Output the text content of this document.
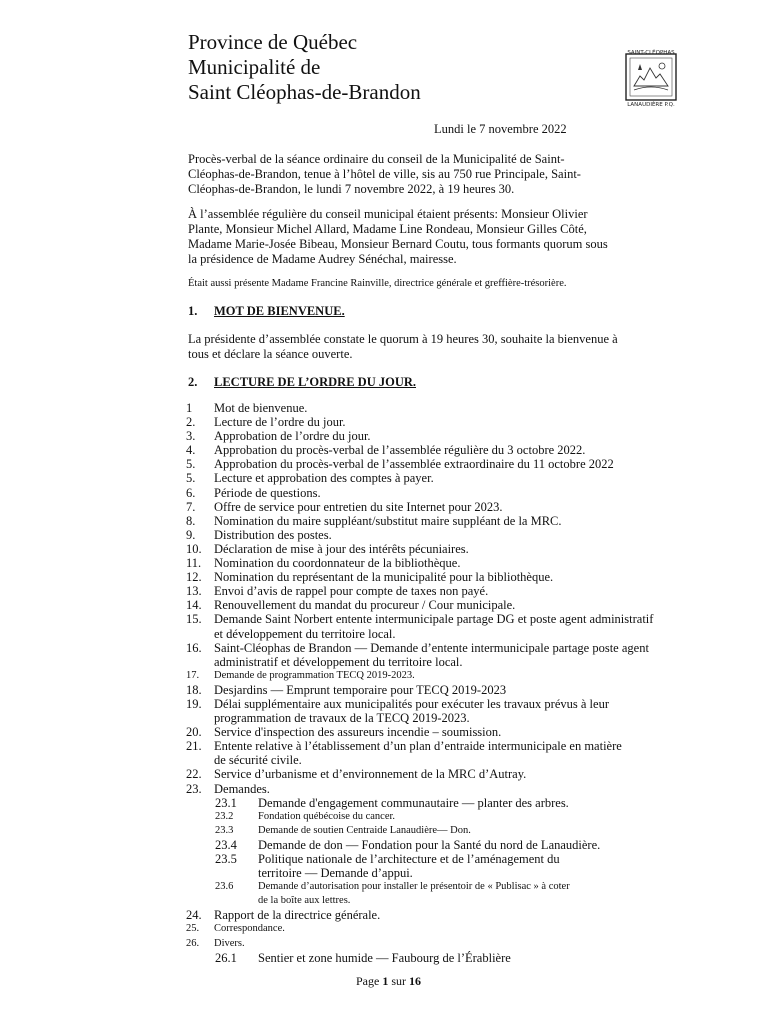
Province de Québec
Municipalité de
Saint Cléophas-de-Brandon
SAINT-CLÉOPHAS
LANAUDIÈRE P.Q.
Lundi le 7 novembre 2022
Procès-verbal de la séance ordinaire du conseil de la Municipalité de Saint-
Cléophas-de-Brandon, tenue à l’hôtel de ville, sis au 750 rue Principale, Saint-
Cléophas-de-Brandon, le lundi 7 novembre 2022, à 19 heures 30.
À l’assemblée régulière du conseil municipal étaient présents: Monsieur Olivier
Plante, Monsieur Michel Allard, Madame Line Rondeau, Monsieur Gilles Côté,
Madame Marie-Josée Bibeau, Monsieur Bernard Coutu, tous formants quorum sous
la présidence de Madame Audrey Sénéchal, mairesse.
Était aussi présente Madame Francine Rainville, directrice générale et greffière-trésorière.
1. MOT DE BIENVENUE.
La présidente d’assemblée constate le quorum à 19 heures 30, souhaite la bienvenue à
tous et déclare la séance ouverte.
2. LECTURE DE L’ORDRE DU JOUR.
1	Mot de bienvenue.
2.	Lecture de l’ordre du jour.
3.	Approbation de l’ordre du jour.
4.	Approbation du procès-verbal de l’assemblée régulière du 3 octobre 2022.
5.	Approbation du procès-verbal de l’assemblée extraordinaire du 11 octobre 2022
5.	Lecture et approbation des comptes à payer.
6.	Période de questions.
7.	Offre de service pour entretien du site Internet pour 2023.
8.	Nomination du maire suppléant/substitut maire suppléant de la MRC.
9.	Distribution des postes.
10. Déclaration de mise à jour des intérêts pécuniaires.
11.	Nomination du coordonnateur de la bibliothèque.
12. Nomination du représentant de la municipalité pour la bibliothèque.
13. Envoi d’avis de rappel pour compte de taxes non payé.
14. Renouvellement du mandat du procureur / Cour municipale.
15. Demande Saint Norbert entente intermunicipale partage DG et poste agent administratif
et développement du territoire local.
16. Saint-Cléophas de Brandon — Demande d’entente intermunicipale partage poste agent
administratif et développement du territoire local.
17.	Demande de programmation TECQ 2019-2023.
18. Desjardins — Emprunt temporaire pour TECQ 2019-2023
19. Délai supplémentaire aux municipalités pour exécuter les travaux prévus à leur
programmation de travaux de la TECQ 2019-2023.
20. Service d'inspection des assureurs incendie – soumission.
21. Entente relative à l’établissement d’un plan d’entraide intermunicipale en matière
de sécurité civile.
22. Service d’urbanisme et d’environnement de la MRC d’Autray.
23. Demandes.
23.1	Demande d'engagement communautaire — planter des arbres.
23.2	Fondation québécoise du cancer.
23.3	Demande de soutien Centraide Lanaudière— Don.
23.4	Demande de don — Fondation pour la Santé du nord de Lanaudière.
23.5	Politique nationale de l’architecture et de l’aménagement du
territoire — Demande d’appui.
23.6	Demande d’autorisation pour installer le présentoir de « Publisac » à coter
de la boîte aux lettres.
24. Rapport de la directrice générale.
25.	Correspondance.
26.	Divers.
26.1	Sentier et zone humide — Faubourg de l’Érablière
Page 1 sur 16
